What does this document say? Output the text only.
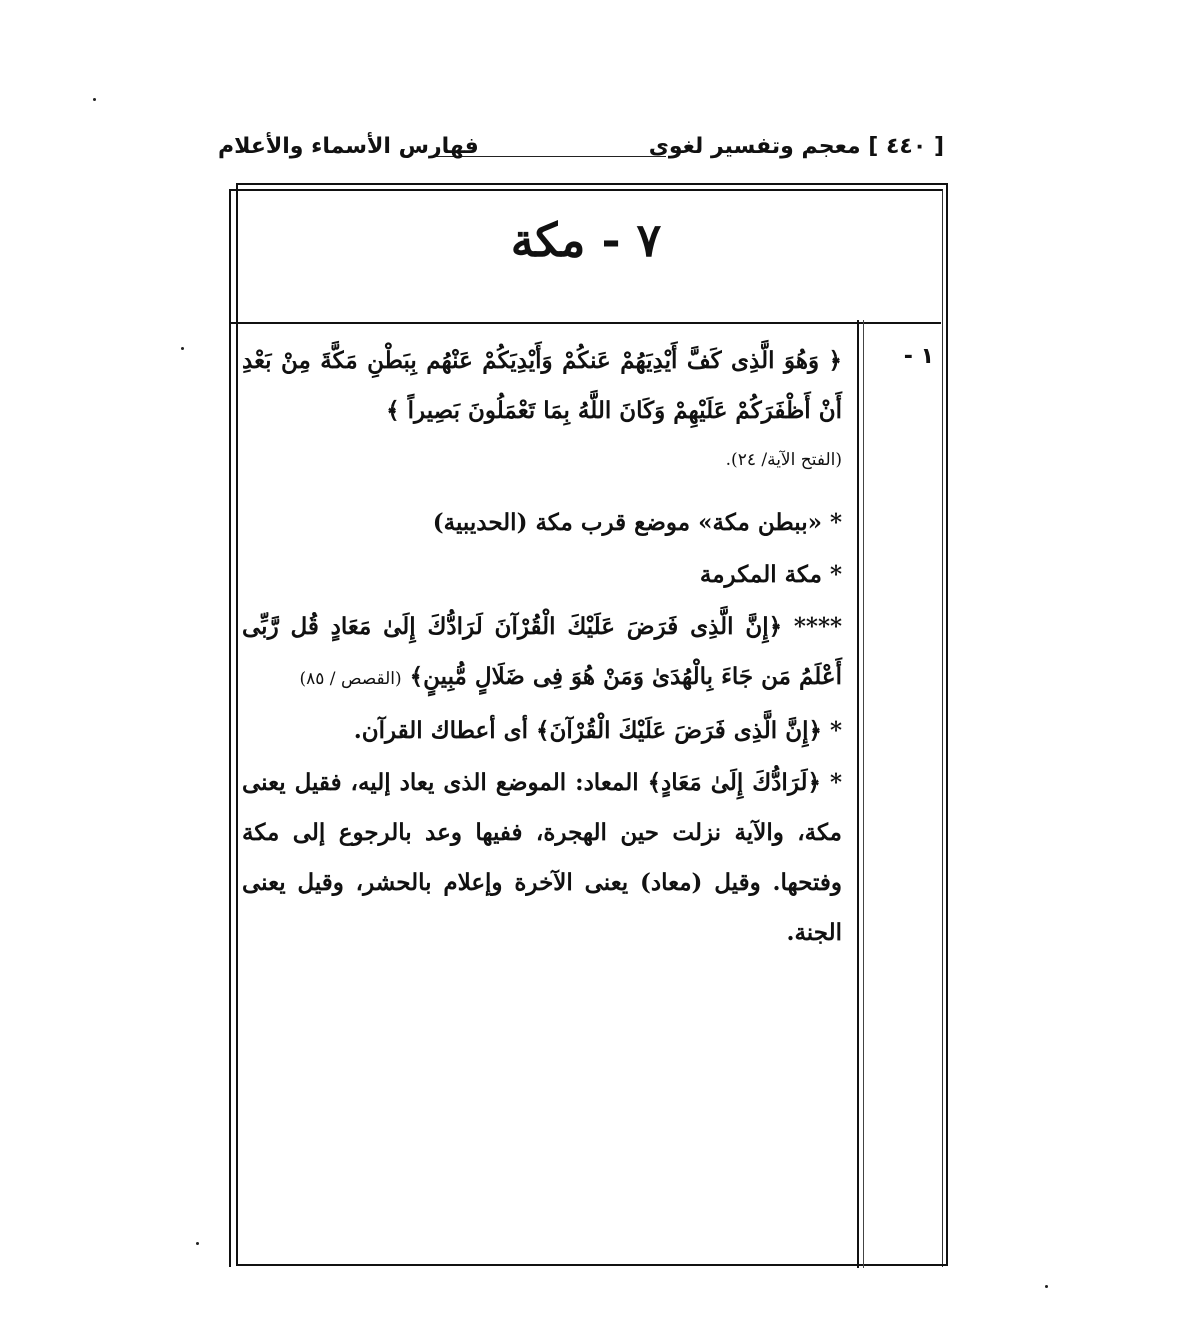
[ ٤٤٠ ] معجم وتفسير لغوى
فهارس الأسماء والأعلام
٧ - مكة
١ -

﴿ وَهُوَ الَّذِى كَفَّ أَيْدِيَهُمْ عَنكُمْ وَأَيْدِيَكُمْ عَنْهُم بِبَطْنِ مَكَّةَ مِنْ بَعْدِ أَنْ أَظْفَرَكُمْ عَلَيْهِمْ وَكَانَ اللَّهُ بِمَا تَعْمَلُونَ بَصِيراً ﴾

(الفتح الآية/ ٢٤).

* «ببطن مكة» موضع قرب مكة (الحديبية)

* مكة المكرمة

**** ﴿إِنَّ الَّذِى فَرَضَ عَلَيْكَ الْقُرْآنَ لَرَادُّكَ إِلَىٰ مَعَادٍ قُل رَّبِّى أَعْلَمُ مَن جَاءَ بِالْهُدَىٰ وَمَنْ هُوَ فِى ضَلَالٍ مُّبِينٍ﴾ (القصص / ٨٥)

* ﴿إِنَّ الَّذِى فَرَضَ عَلَيْكَ الْقُرْآنَ﴾ أى أعطاك القرآن.

* ﴿لَرَادُّكَ إِلَىٰ مَعَادٍ﴾ المعاد: الموضع الذى يعاد إليه، فقيل يعنى مكة، والآية نزلت حين الهجرة، ففيها وعد بالرجوع إلى مكة وفتحها. وقيل (معاد) يعنى الآخرة وإعلام بالحشر، وقيل يعنى الجنة.
